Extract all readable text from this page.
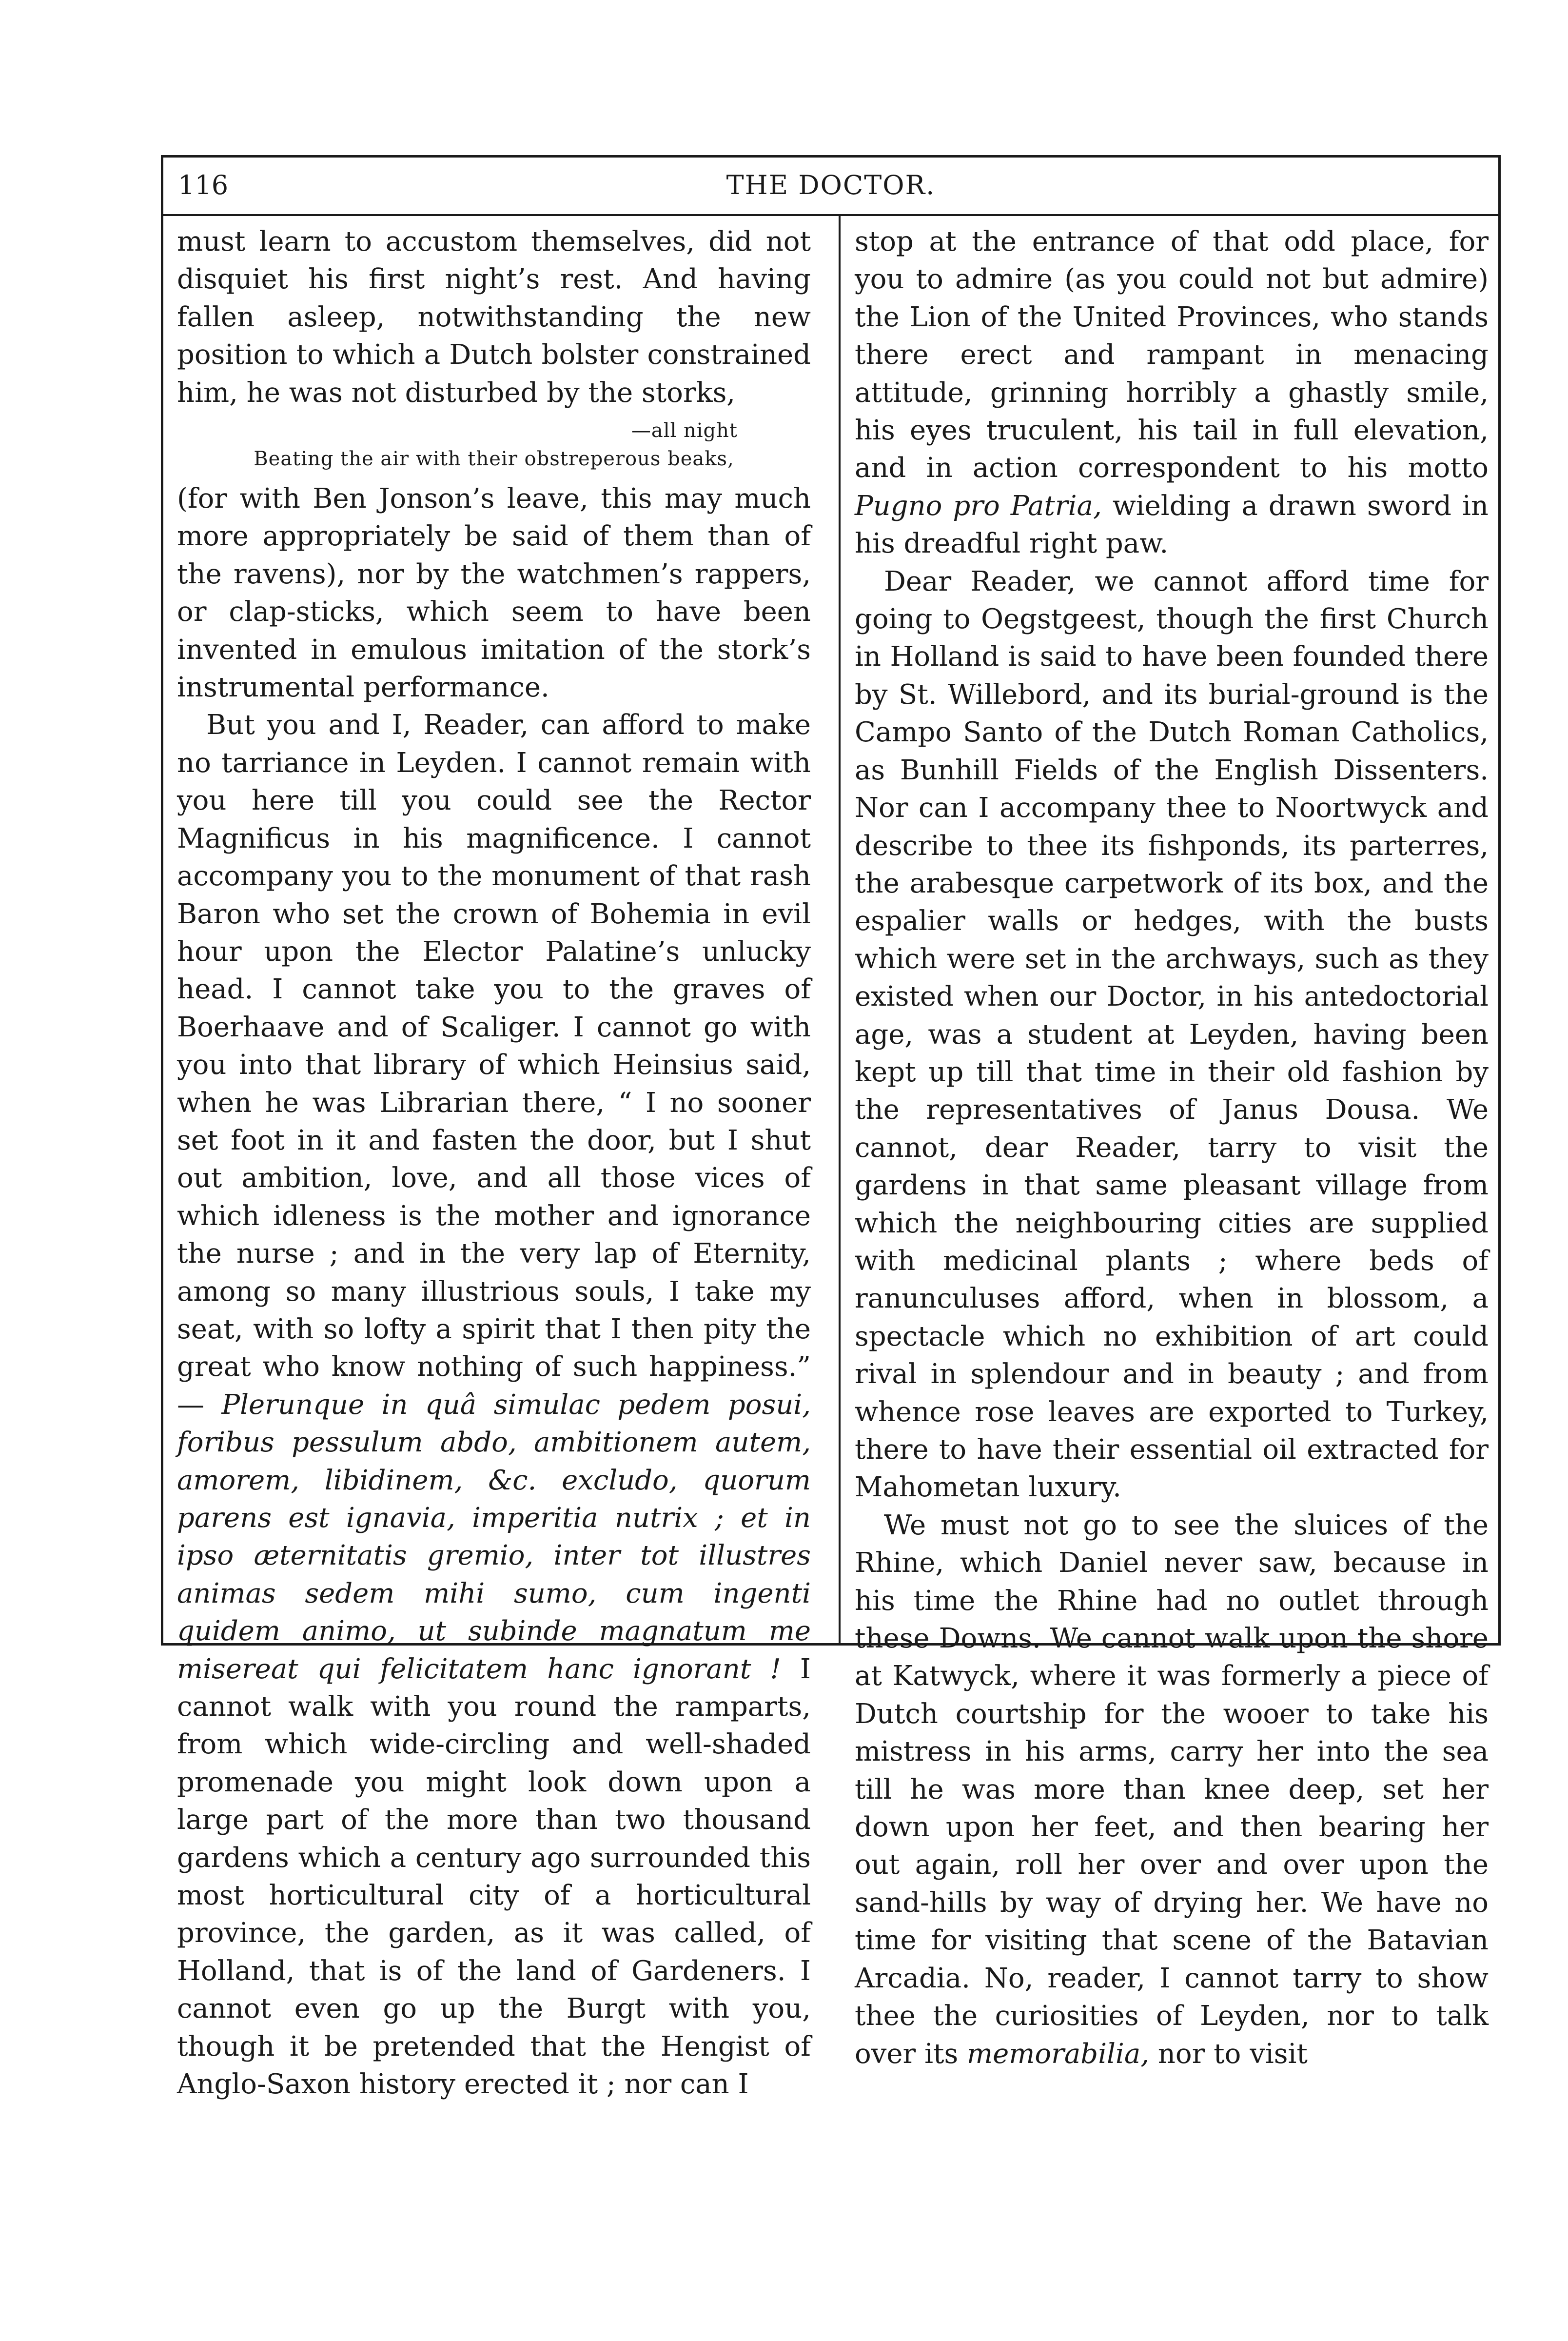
116	THE DOCTOR.

must learn to accustom themselves, did not disquiet his first night’s rest. And having fallen asleep, notwithstanding the new position to which a Dutch bolster constrained him, he was not disturbed by the storks,

—all night
Beating the air with their obstreperous beaks,

(for with Ben Jonson’s leave, this may much more appropriately be said of them than of the ravens), nor by the watchmen’s rappers, or clap-sticks, which seem to have been invented in emulous imitation of the stork’s instrumental performance.

But you and I, Reader, can afford to make no tarriance in Leyden. I cannot remain with you here till you could see the Rector Magnificus in his magnificence. I cannot accompany you to the monument of that rash Baron who set the crown of Bohemia in evil hour upon the Elector Palatine’s unlucky head. I cannot take you to the graves of Boerhaave and of Scaliger. I cannot go with you into that library of which Heinsius said, when he was Librarian there, “ I no sooner set foot in it and fasten the door, but I shut out ambition, love, and all those vices of which idleness is the mother and ignorance the nurse ; and in the very lap of Eternity, among so many illustrious souls, I take my seat, with so lofty a spirit that I then pity the great who know nothing of such happiness.” — Plerunque in quâ simulac pedem posui, foribus pessulum abdo, ambitionem autem, amorem, libidinem, &c. excludo, quorum parens est ignavia, imperitia nutrix ; et in ipso æternitatis gremio, inter tot illustres animas sedem mihi sumo, cum ingenti quidem animo, ut subinde magnatum me misereat qui felicitatem hanc ignorant ! I cannot walk with you round the ramparts, from which wide-circling and well-shaded promenade you might look down upon a large part of the more than two thousand gardens which a century ago surrounded this most horticultural city of a horticultural province, the garden, as it was called, of Holland, that is of the land of Gardeners. I cannot even go up the Burgt with you, though it be pretended that the Hengist of Anglo-Saxon history erected it ; nor can I

stop at the entrance of that odd place, for you to admire (as you could not but admire) the Lion of the United Provinces, who stands there erect and rampant in menacing attitude, grinning horribly a ghastly smile, his eyes truculent, his tail in full elevation, and in action correspondent to his motto Pugno pro Patria, wielding a drawn sword in his dreadful right paw.

Dear Reader, we cannot afford time for going to Oegstgeest, though the first Church in Holland is said to have been founded there by St. Willebord, and its burial-ground is the Campo Santo of the Dutch Roman Catholics, as Bunhill Fields of the English Dissenters. Nor can I accompany thee to Noortwyck and describe to thee its fishponds, its parterres, the arabesque carpetwork of its box, and the espalier walls or hedges, with the busts which were set in the archways, such as they existed when our Doctor, in his antedoctorial age, was a student at Leyden, having been kept up till that time in their old fashion by the representatives of Janus Dousa. We cannot, dear Reader, tarry to visit the gardens in that same pleasant village from which the neighbouring cities are supplied with medicinal plants ; where beds of ranunculuses afford, when in blossom, a spectacle which no exhibition of art could rival in splendour and in beauty ; and from whence rose leaves are exported to Turkey, there to have their essential oil extracted for Mahometan luxury.

We must not go to see the sluices of the Rhine, which Daniel never saw, because in his time the Rhine had no outlet through these Downs. We cannot walk upon the shore at Katwyck, where it was formerly a piece of Dutch courtship for the wooer to take his mistress in his arms, carry her into the sea till he was more than knee deep, set her down upon her feet, and then bearing her out again, roll her over and over upon the sand-hills by way of drying her. We have no time for visiting that scene of the Batavian Arcadia. No, reader, I cannot tarry to show thee the curiosities of Leyden, nor to talk over its memorabilia, nor to visit
